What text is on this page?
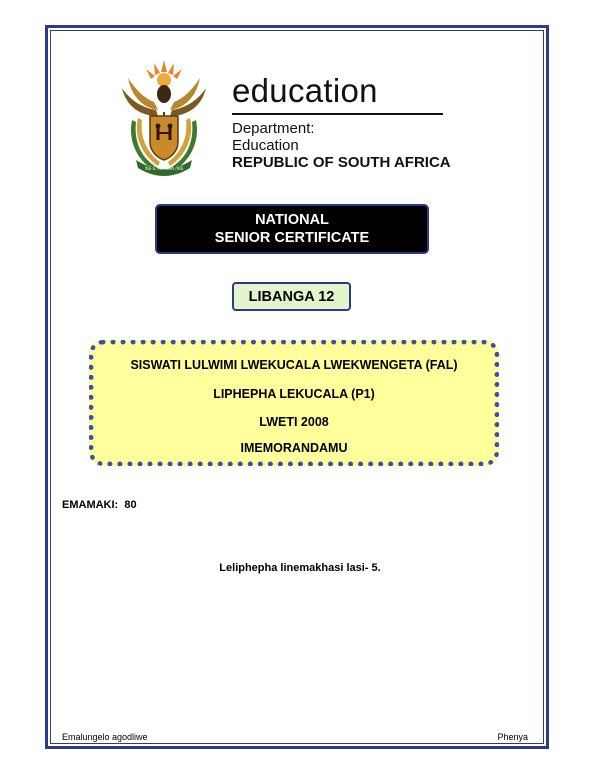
!KE E: /XARRA //KE
education
Department:
Education
REPUBLIC OF SOUTH AFRICA
NATIONAL
SENIOR CERTIFICATE
LIBANGA 12
SISWATI LULWIMI LWEKUCALA LWEKWENGETA (FAL)
LIPHEPHA LEKUCALA (P1)
LWETI 2008
IMEMORANDAMU
EMAMAKI:  80
Leliphepha linemakhasi lasi- 5.
Emalungelo agodliwe	Phenya
